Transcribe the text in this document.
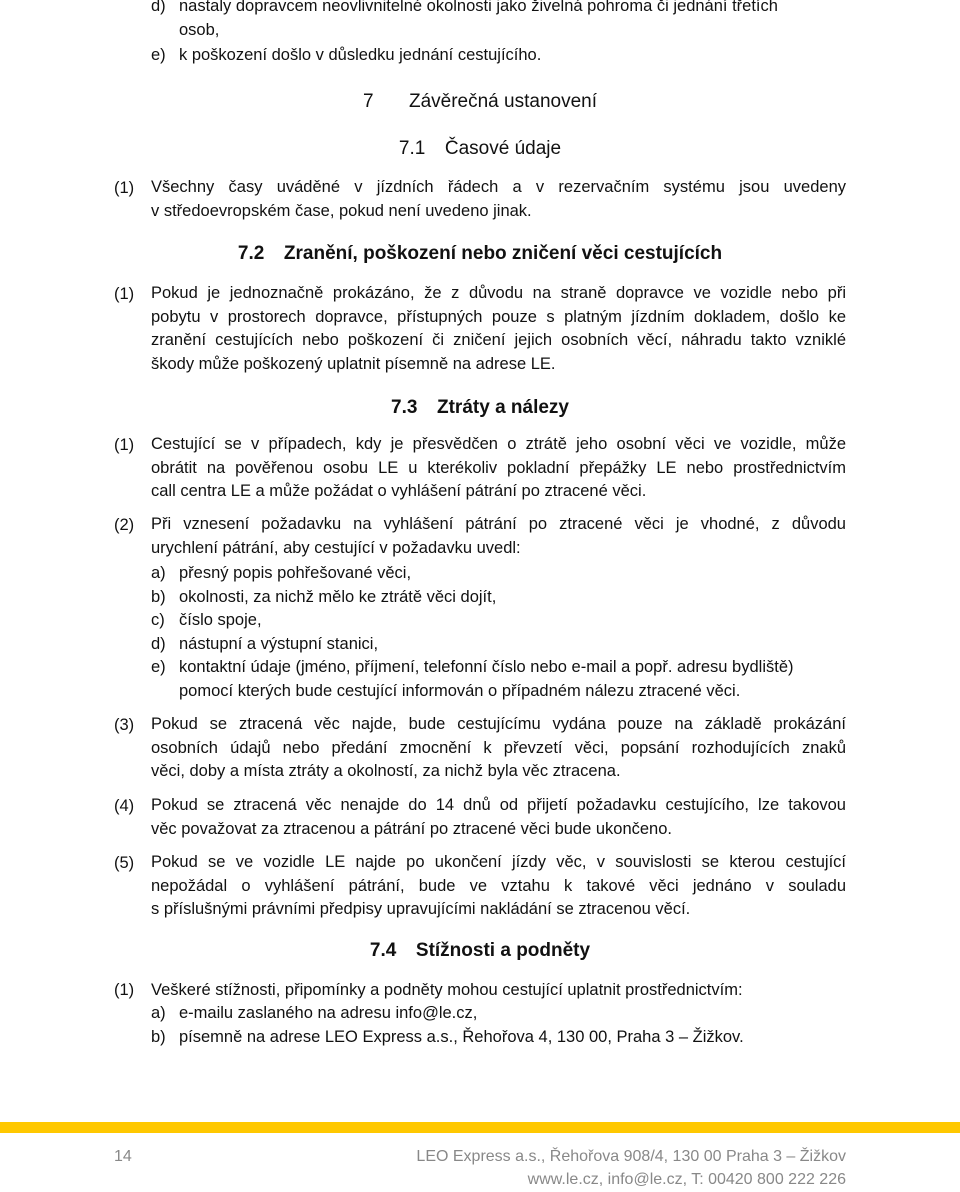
d) nastaly dopravcem neovlivnitelné okolnosti jako živelná pohroma či jednání třetích
osob,
e) k poškození došlo v důsledku jednání cestujícího.
7 Závěrečná ustanovení
7.1 Časové údaje
(1) Všechny časy uváděné v jízdních řádech a v rezervačním systému jsou uvedeny
v středoevropském čase, pokud není uvedeno jinak.
7.2 Zranění, poškození nebo zničení věci cestujících
(1) Pokud je jednoznačně prokázáno, že z důvodu na straně dopravce ve vozidle nebo při
pobytu v prostorech dopravce, přístupných pouze s platným jízdním dokladem, došlo ke
zranění cestujících nebo poškození či zničení jejich osobních věcí, náhradu takto vzniklé
škody může poškozený uplatnit písemně na adrese LE.
7.3 Ztráty a nálezy
(1) Cestující se v případech, kdy je přesvědčen o ztrátě jeho osobní věci ve vozidle, může
obrátit na pověřenou osobu LE u kterékoliv pokladní přepážky LE nebo prostřednictvím
call centra LE a může požádat o vyhlášení pátrání po ztracené věci.
(2) Při vznesení požadavku na vyhlášení pátrání po ztracené věci je vhodné, z důvodu
urychlení pátrání, aby cestující v požadavku uvedl:
a) přesný popis pohřešované věci,
b) okolnosti, za nichž mělo ke ztrátě věci dojít,
c) číslo spoje,
d) nástupní a výstupní stanici,
e) kontaktní údaje (jméno, příjmení, telefonní číslo nebo e-mail a popř. adresu bydliště)
pomocí kterých bude cestující informován o případném nálezu ztracené věci.
(3) Pokud se ztracená věc najde, bude cestujícímu vydána pouze na základě prokázání
osobních údajů nebo předání zmocnění k převzetí věci, popsání rozhodujících znaků
věci, doby a místa ztráty a okolností, za nichž byla věc ztracena.
(4) Pokud se ztracená věc nenajde do 14 dnů od přijetí požadavku cestujícího, lze takovou
věc považovat za ztracenou a pátrání po ztracené věci bude ukončeno.
(5) Pokud se ve vozidle LE najde po ukončení jízdy věc, v souvislosti se kterou cestující
nepožádal o vyhlášení pátrání, bude ve vztahu k takové věci jednáno v souladu
s příslušnými právními předpisy upravujícími nakládání se ztracenou věcí.
7.4 Stížnosti a podněty
(1) Veškeré stížnosti, připomínky a podněty mohou cestující uplatnit prostřednictvím:
a) e-mailu zaslaného na adresu info@le.cz,
b) písemně na adrese LEO Express a.s., Řehořova 4, 130 00, Praha 3 – Žižkov.
14	LEO Express a.s., Řehořova 908/4, 130 00 Praha 3 – Žižkov
www.le.cz, info@le.cz, T: 00420 800 222 226
